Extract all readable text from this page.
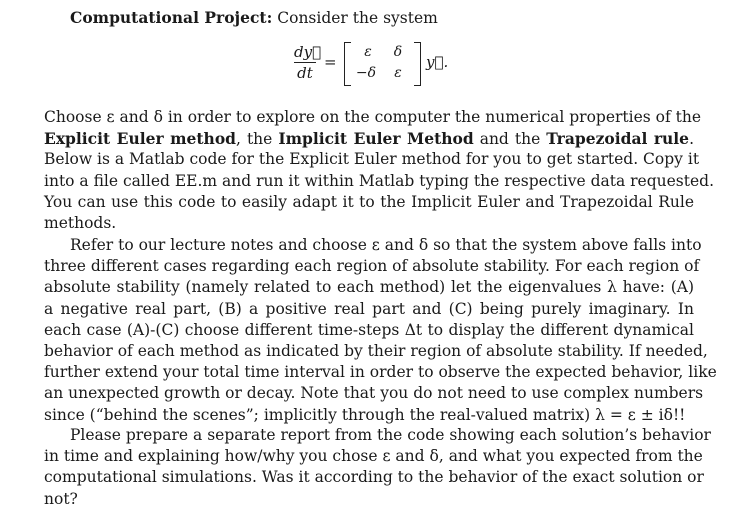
Computational Project: Consider the system
dy⃗
dt
=
ε	δ
−δ	ε
y⃗.
Choose ε and δ in order to explore on the computer the numerical properties of the
Explicit Euler method, the Implicit Euler Method and the Trapezoidal rule.
Below is a Matlab code for the Explicit Euler method for you to get started. Copy it
into a file called EE.m and run it within Matlab typing the respective data requested.
You can use this code to easily adapt it to the Implicit Euler and Trapezoidal Rule
methods.
Refer to our lecture notes and choose ε and δ so that the system above falls into
three different cases regarding each region of absolute stability. For each region of
absolute stability (namely related to each method) let the eigenvalues λ have: (A)
a negative real part, (B) a positive real part and (C) being purely imaginary. In
each case (A)-(C) choose different time-steps Δt to display the different dynamical
behavior of each method as indicated by their region of absolute stability. If needed,
further extend your total time interval in order to observe the expected behavior, like
an unexpected growth or decay. Note that you do not need to use complex numbers
since (“behind the scenes”; implicitly through the real-valued matrix) λ = ε ± iδ!!
Please prepare a separate report from the code showing each solution’s behavior
in time and explaining how/why you chose ε and δ, and what you expected from the
computational simulations. Was it according to the behavior of the exact solution or
not?
